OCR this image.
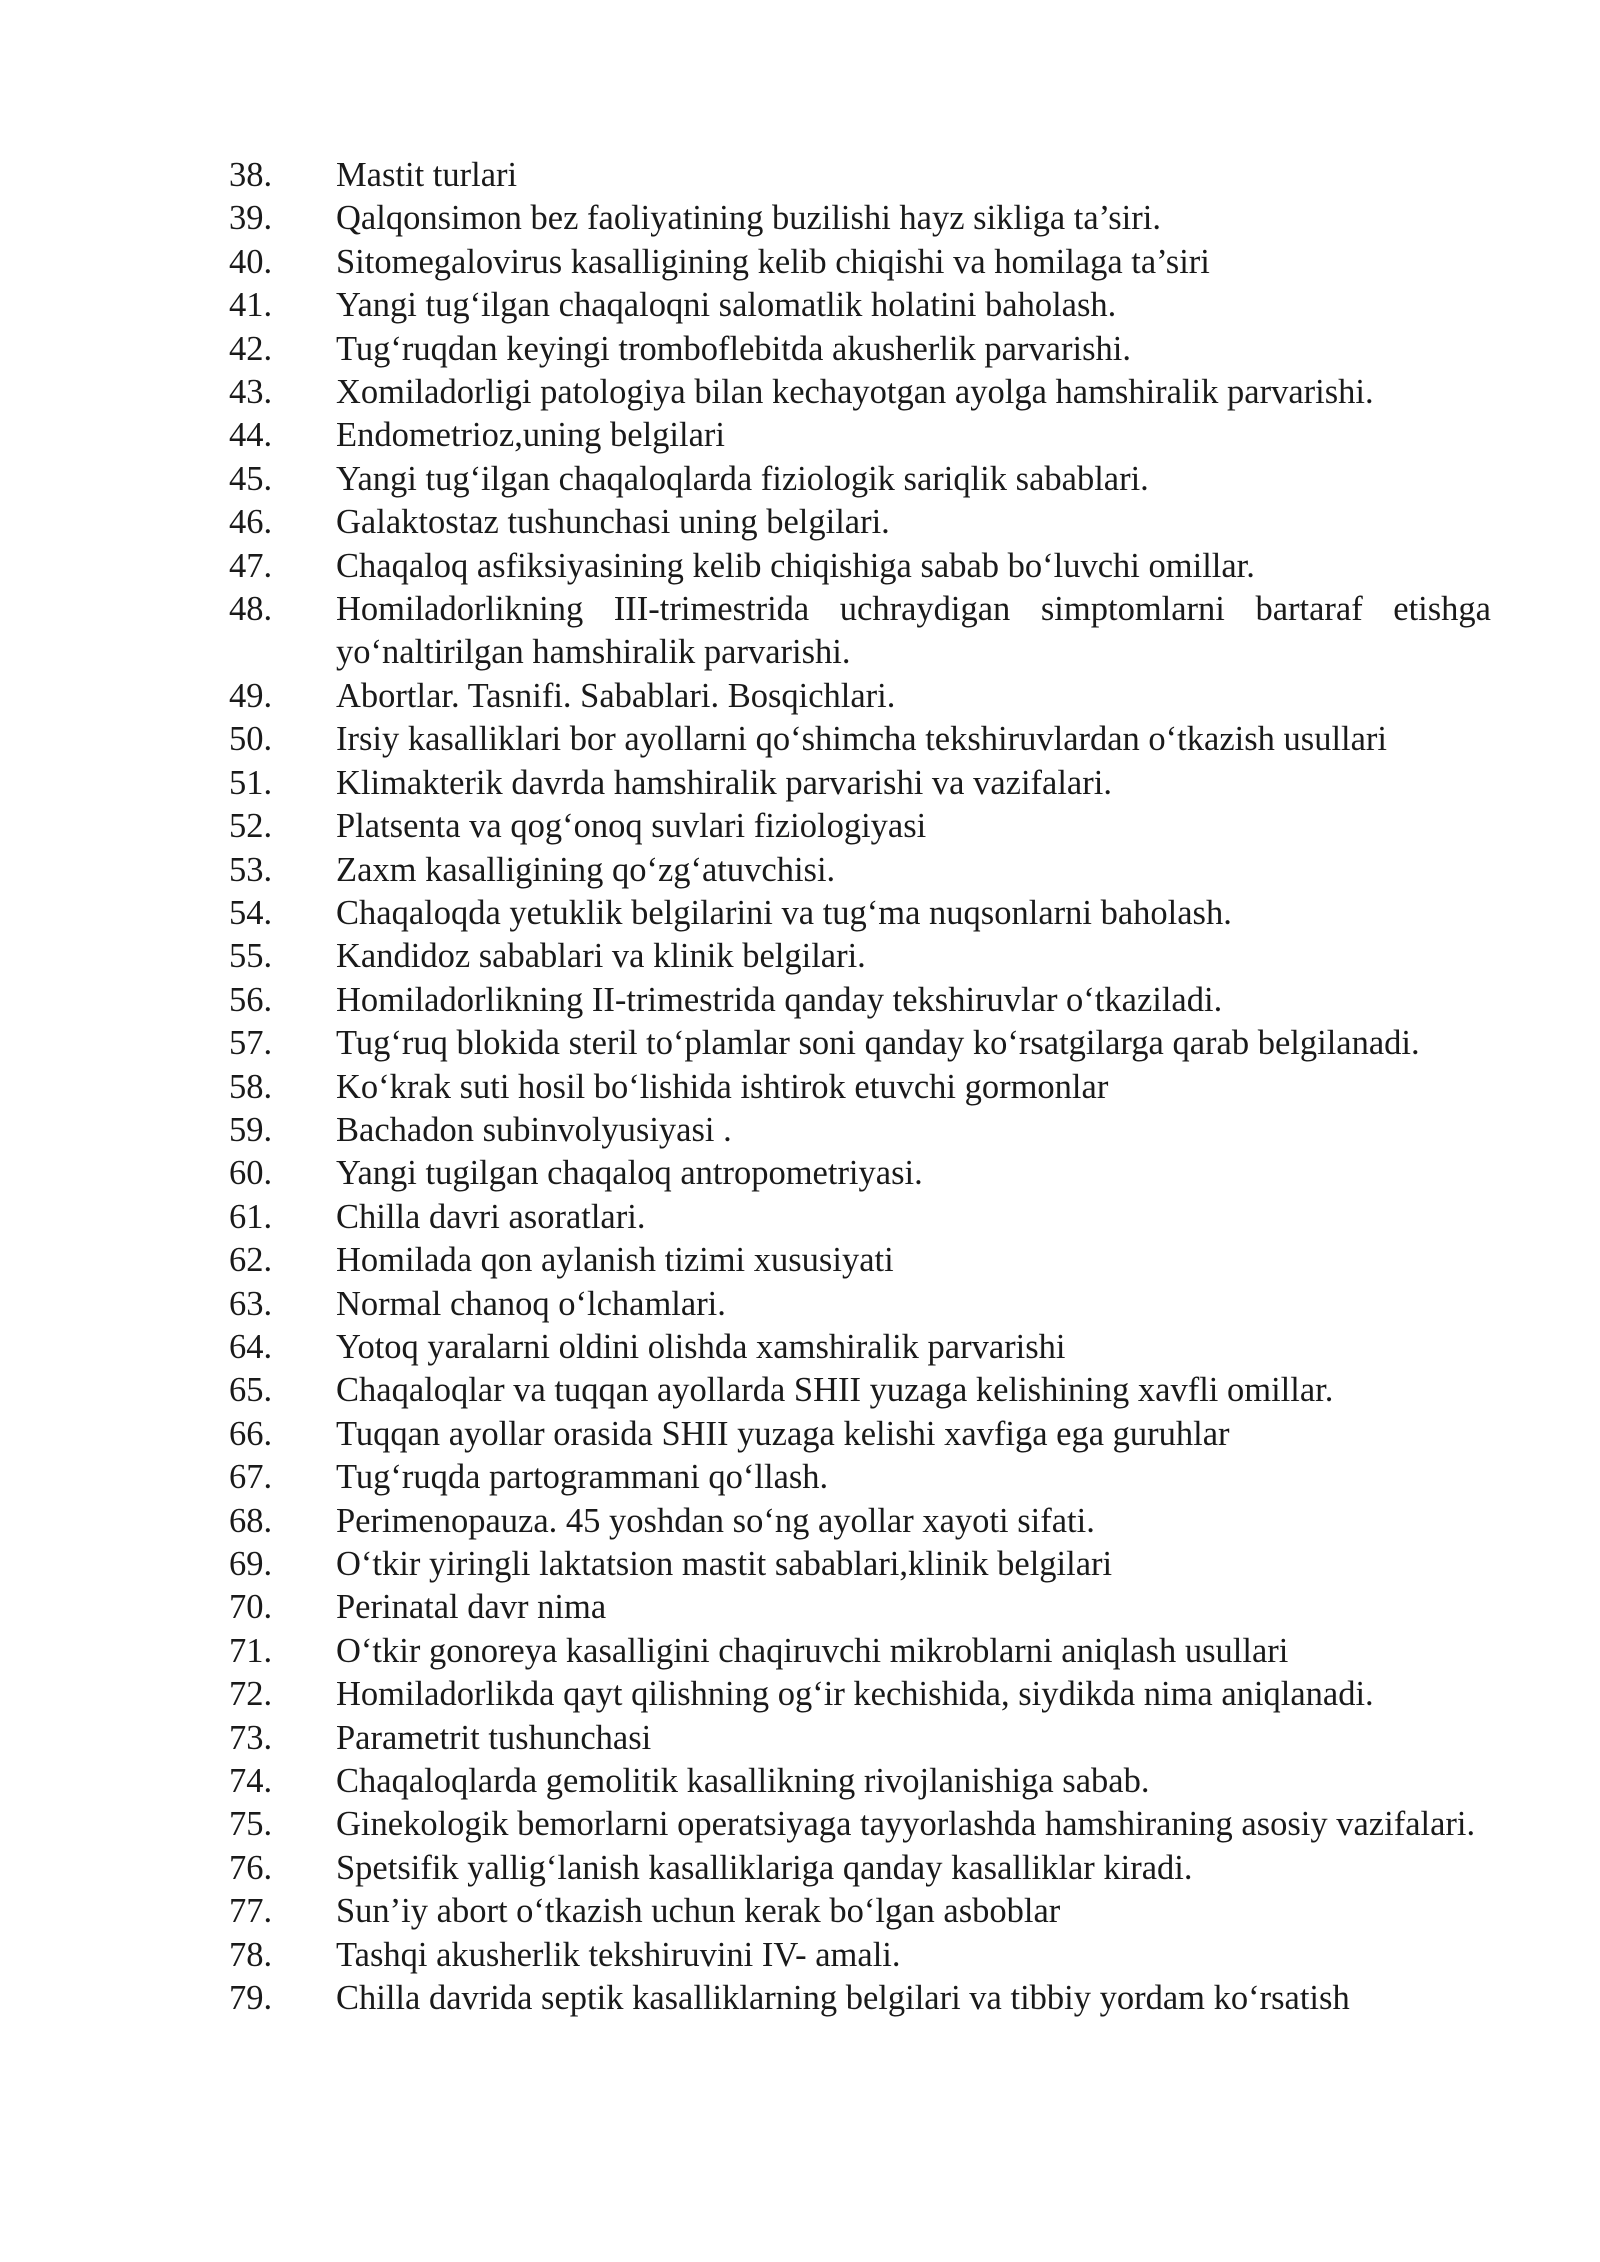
38.	Mastit turlari
39.	Qalqonsimon bez faoliyatining buzilishi hayz sikliga ta’siri.
40.	Sitomegalovirus kasalligining kelib chiqishi va homilaga ta’siri
41.	Yangi tug‘ilgan chaqaloqni salomatlik holatini baholash.
42.	Tug‘ruqdan keyingi tromboflebitda akusherlik parvarishi.
43.	Xomiladorligi patologiya bilan kechayotgan ayolga hamshiralik parvarishi.
44.	Endometrioz,uning belgilari
45.	Yangi tug‘ilgan chaqaloqlarda fiziologik sariqlik sabablari.
46.	Galaktostaz tushunchasi uning belgilari.
47.	Chaqaloq asfiksiyasining kelib chiqishiga sabab bo‘luvchi omillar.
48.	Homiladorlikning III-trimestrida uchraydigan simptomlarni bartaraf etishga yo‘naltirilgan hamshiralik parvarishi.
49.	Abortlar. Tasnifi. Sabablari. Bosqichlari.
50.	Irsiy kasalliklari bor ayollarni qo‘shimcha tekshiruvlardan o‘tkazish usullari
51.	Klimakterik davrda hamshiralik parvarishi va vazifalari.
52.	Platsenta va qog‘onoq suvlari fiziologiyasi
53.	Zaxm kasalligining qo‘zg‘atuvchisi.
54.	Chaqaloqda yetuklik belgilarini va tug‘ma nuqsonlarni baholash.
55.	Kandidoz sabablari va klinik belgilari.
56.	Homiladorlikning II-trimestrida qanday tekshiruvlar o‘tkaziladi.
57.	Tug‘ruq blokida steril to‘plamlar soni qanday ko‘rsatgilarga qarab belgilanadi.
58.	Ko‘krak suti hosil bo‘lishida ishtirok etuvchi gormonlar
59.	Bachadon subinvolyusiyasi .
60.	Yangi tugilgan chaqaloq antropometriyasi.
61.	Chilla davri asoratlari.
62.	Homilada qon aylanish tizimi xususiyati
63.	Normal chanoq o‘lchamlari.
64.	Yotoq yaralarni oldini olishda xamshiralik parvarishi
65.	Chaqaloqlar va tuqqan ayollarda SHII yuzaga kelishining xavfli omillar.
66.	Tuqqan ayollar orasida SHII yuzaga kelishi xavfiga ega guruhlar
67.	Tug‘ruqda partogrammani qo‘llash.
68.	Perimenopauza. 45 yoshdan so‘ng ayollar xayoti sifati.
69.	O‘tkir yiringli laktatsion mastit sabablari,klinik belgilari
70.	Perinatal davr nima
71.	O‘tkir gonoreya kasalligini chaqiruvchi mikroblarni aniqlash usullari
72.	Homiladorlikda qayt qilishning og‘ir kechishida, siydikda nima aniqlanadi.
73.	Parametrit tushunchasi
74.	Chaqaloqlarda gemolitik kasallikning rivojlanishiga sabab.
75.	Ginekologik bemorlarni operatsiyaga tayyorlashda hamshiraning asosiy vazifalari.
76.	Spetsifik yallig‘lanish kasalliklariga qanday kasalliklar kiradi.
77.	Sun’iy abort o‘tkazish uchun kerak bo‘lgan asboblar
78.	Tashqi akusherlik tekshiruvini IV- amali.
79.	Chilla davrida septik kasalliklarning belgilari va tibbiy yordam ko‘rsatish
